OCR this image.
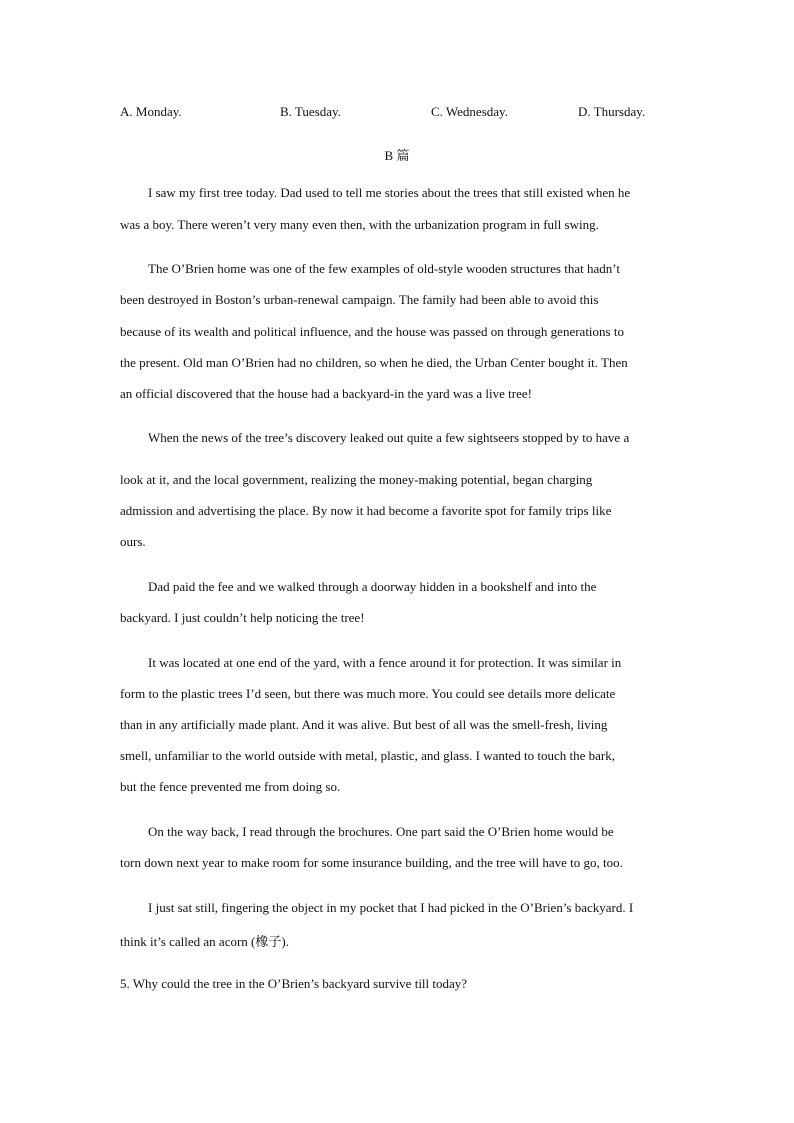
A. Monday.	B. Tuesday.	C. Wednesday.	D. Thursday.
B 篇
I saw my first tree today. Dad used to tell me stories about the trees that still existed when he
was a boy. There weren’t very many even then, with the urbanization program in full swing.
The O’Brien home was one of the few examples of old-style wooden structures that hadn’t
been destroyed in Boston’s urban-renewal campaign. The family had been able to avoid this
because of its wealth and political influence, and the house was passed on through generations to
the present. Old man O’Brien had no children, so when he died, the Urban Center bought it. Then
an official discovered that the house had a backyard-in the yard was a live tree!
When the news of the tree’s discovery leaked out quite a few sightseers stopped by to have a
look at it, and the local government, realizing the money-making potential, began charging
admission and advertising the place. By now it had become a favorite spot for family trips like
ours.
Dad paid the fee and we walked through a doorway hidden in a bookshelf and into the
backyard. I just couldn’t help noticing the tree!
It was located at one end of the yard, with a fence around it for protection. It was similar in
form to the plastic trees I’d seen, but there was much more. You could see details more delicate
than in any artificially made plant. And it was alive. But best of all was the smell-fresh, living
smell, unfamiliar to the world outside with metal, plastic, and glass. I wanted to touch the bark,
but the fence prevented me from doing so.
On the way back, I read through the brochures. One part said the O’Brien home would be
torn down next year to make room for some insurance building, and the tree will have to go, too.
I just sat still, fingering the object in my pocket that I had picked in the O’Brien’s backyard. I
think it’s called an acorn (橡子).
5. Why could the tree in the O’Brien’s backyard survive till today?
